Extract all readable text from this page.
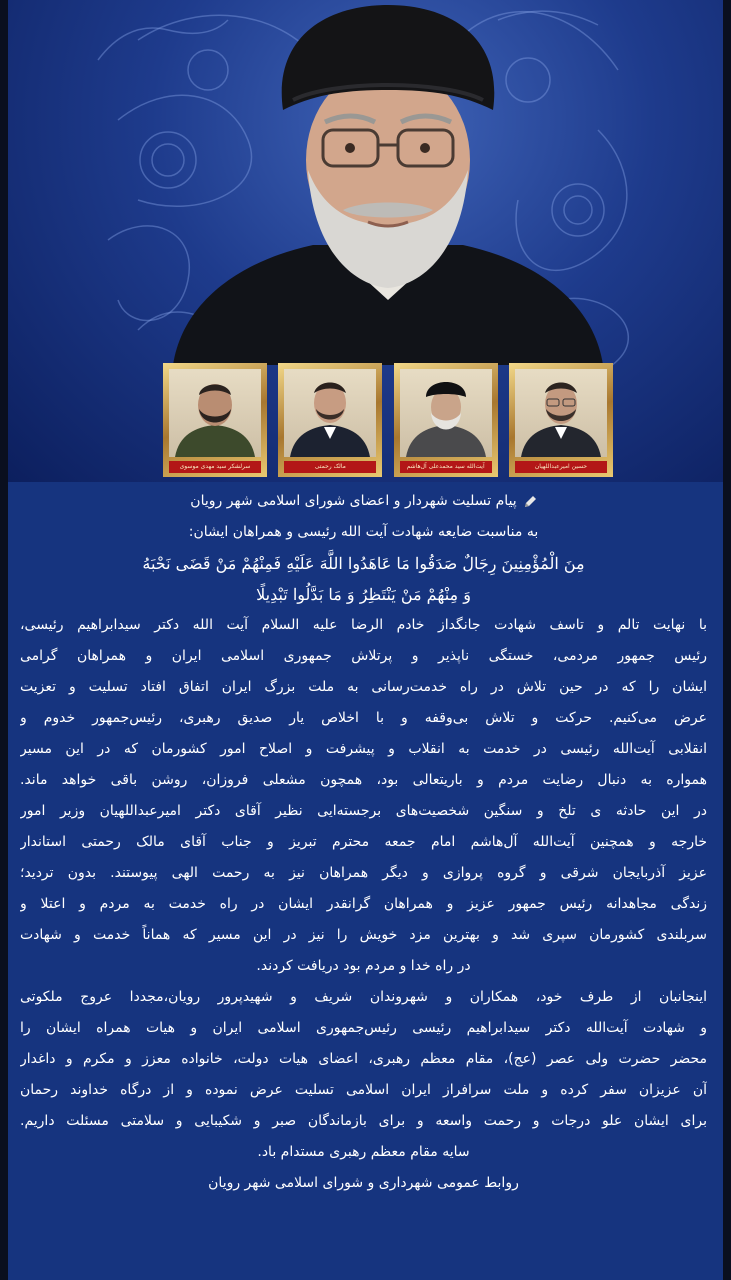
سرلشکر سید مهدی موسوی	مالک رحمتی	آیت‌الله سید محمدعلی آل‌هاشم	حسین امیرعبداللهیان
پیام تسلیت شهردار و اعضای شورای اسلامی شهر رویان

به مناسبت ضایعه شهادت آیت الله رئیسی و همراهان ایشان:

مِنَ الْمُؤْمِنِینَ رِجَالٌ صَدَقُوا مَا عَاهَدُوا اللَّهَ عَلَیْهِ فَمِنْهُمْ مَنْ قَضَى نَحْبَهُ

وَ مِنْهُمْ مَنْ یَنْتَظِرُ وَ مَا بَدَّلُوا تَبْدِیلًا

با نهایت تالم و تاسف شهادت جانگداز خادم الرضا علیه السلام آیت الله دکتر سیدابراهیم رئیسی،

رئیس جمهور مردمی، خستگی ناپذیر و پرتلاش جمهوری اسلامی ایران و همراهان گرامی

ایشان را که در حین تلاش در راه خدمت‌رسانی به ملت بزرگ ایران اتفاق افتاد تسلیت و تعزیت

عرض می‌کنیم. حرکت و تلاش بی‌وقفه و با اخلاص یار صدیق رهبری، رئیس‌جمهور خدوم و

انقلابی آیت‌الله رئیسی در خدمت به انقلاب و پیشرفت و اصلاح امور کشورمان که در این مسیر

همواره به دنبال رضایت مردم و باریتعالی بود، همچون مشعلی فروزان، روشن باقی خواهد ماند.

در این حادثه ی تلخ و سنگین شخصیت‌های برجسته‌ایی نظیر آقای دکتر امیرعبداللهیان وزیر امور

خارجه و همچنین آیت‌الله آل‌هاشم امام جمعه محترم تبریز و جناب آقای مالک رحمتی استاندار

عزیز آذربایجان شرقی و گروه پروازی و دیگر همراهان نیز به رحمت الهی پیوستند. بدون تردید؛

زندگی مجاهدانه رئیس جمهور عزیز و همراهان گرانقدر ایشان در راه خدمت به مردم و اعتلا و

سربلندی کشورمان سپری شد و بهترین مزد خویش را نیز در این مسیر که هماناً خدمت و شهادت

در راه خدا و مردم بود دریافت کردند.

اینجانبان از طرف خود، همکاران و شهروندان شریف و شهیدپرور رویان،مجددا عروج ملکوتی

و شهادت آیت‌الله دکتر سیدابراهیم رئیسی رئیس‌جمهوری اسلامی ایران و هیات همراه ایشان را

محضر حضرت ولی عصر (عج)، مقام معظم رهبری، اعضای هیات دولت، خانواده معزز و مکرم و داغدار

آن عزیزان سفر کرده و ملت سرافراز ایران اسلامی تسلیت عرض نموده و از درگاه خداوند رحمان

برای ایشان علو درجات و رحمت واسعه و برای بازماندگان صبر و شکیبایی و سلامتی مسئلت داریم.

سایه مقام معظم رهبری مستدام باد.

روابط عمومی شهرداری و شورای اسلامی شهر رویان
